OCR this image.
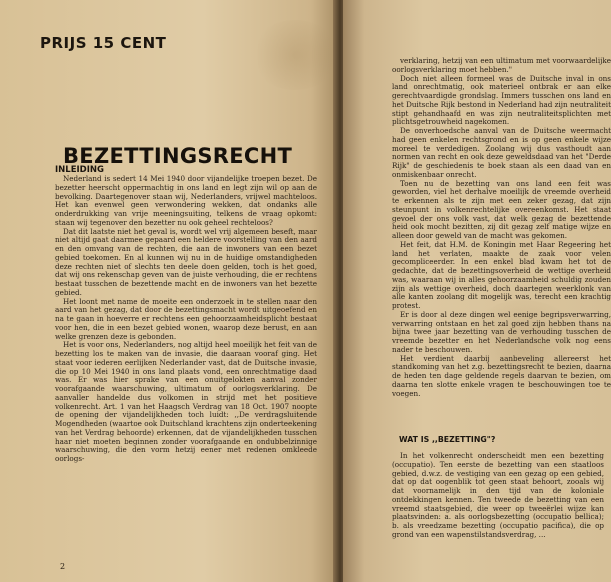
PRIJS 15 CENT
BEZETTINGSRECHT
INLEIDING

Nederland is sedert 14 Mei 1940 door vijandelijke troepen bezet. De bezetter heerscht oppermachtig in ons land en legt zijn wil op aan de bevolking. Daartegenover staan wij, Nederlanders, vrijwel machteloos. Het kan evenwel geen verwondering wekken, dat ondanks alle onderdrukking van vrije meeningsuiting, telkens de vraag opkomt: staan wij tegenover den bezetter nu ook geheel rechteloos?

Dat dit laatste niet het geval is, wordt wel vrij algemeen beseft, maar niet altijd gaat daarmee gepaard een heldere voorstelling van den aard en den omvang van de rechten, die aan de inwoners van een bezet gebied toekomen. En al kunnen wij nu in de huidige omstandigheden deze rechten niet of slechts ten deele doen gelden, toch is het goed, dat wij ons rekenschap geven van de juiste verhouding, die er rechtens bestaat tusschen de bezettende macht en de inwoners van het bezette gebied.

Het loont met name de moeite een onderzoek in te stellen naar den aard van het gezag, dat door de bezettingsmacht wordt uitgeoefend en na te gaan in hoeverre er rechtens een gehoorzaamheidsplicht bestaat voor hen, die in een bezet gebied wonen, waarop deze berust, en aan welke grenzen deze is gebonden.

Het is voor ons, Nederlanders, nog altijd heel moeilijk het feit van de bezetting los te maken van de invasie, die daaraan vooraf ging. Het staat voor iederen eerlijken Nederlander vast, dat de Duitsche invasie, die op 10 Mei 1940 in ons land plaats vond, een onrechtmatige daad was. Er was hier sprake van een onuitgelokten aanval zonder voorafgaande waarschuwing, ultimatum of oorlogsverklaring. De aanvaller handelde dus volkomen in strijd met het positieve volkenrecht. Art. 1 van het Haagsch Verdrag van 18 Oct. 1907 noopte de opening der vijandelijkheden toch luidt: ,,De verdragsluitende Mogendheden (waartoe ook Duitschland krachtens zijn onderteekening van het Verdrag behoorde) erkennen, dat de vijandelijkheden tusschen haar niet moeten beginnen zonder voorafgaande en ondubbelzinnige waarschuwing, die den vorm hetzij eener met redenen omkleede oorlogs-

2

verklaring, hetzij van een ultimatum met voorwaardelijke oorlogsverklaring moet hebben."

Doch niet alleen formeel was de Duitsche inval in ons land onrechtmatig, ook materieel ontbrak er aan elke gerechtvaardigde grondslag. Immers tusschen ons land en het Duitsche Rijk bestond in Nederland had zijn neutraliteit stipt gehandhaafd en was zijn neutraliteitsplichten met plichtsgetrouwheid nagekomen.

De onverhoedsche aanval van de Duitsche weermacht had geen enkelen rechtsgrond en is op geen enkele wijze moreel te verdedigen. Zoolang wij dus vasthoudt aan normen van recht en ook deze geweldsdaad van het "Derde Rijk" de geschiedenis te boek staan als een daad van en onmiskenbaar onrecht.

Toen nu de bezetting van ons land een feit was geworden, viel het derhalve moeilijk de vreemde overheid te erkennen als te zijn met een zeker gezag, dat zijn steunpunt in volkenrechtelijke overeenkomst. Het staat gevoel der ons volk vast, dat welk gezag de bezettende heid ook mocht bezitten, zij dit gezag zelf matige wijze en alleen door geweld van de macht was gekomen.

Het feit, dat H.M. de Koningin met Haar Regeering het land het verlaten, maakte de zaak voor velen gecompliceerder. In een enkel blad kwam het tot de gedachte, dat de bezettingsoverheid de wettige overheid was, waaraan wij in alles gehoorzaamheid schuldig zouden zijn als wettige overheid, doch daartegen weerklonk van alle kanten zoolang dit mogelijk was, terecht een krachtig protest.

Er is door al deze dingen wel eenige begripsverwarring, verwarring ontstaan en het zal goed zijn hebben thans na bijna twee jaar bezetting van de verhouding tusschen de vreemde bezetter en het Nederlandsche volk nog eens nader te beschouwen.

Het verdient daarbij aanbeveling allereerst het standkoming van het z.g. bezettingsrecht te bezien, daarna de heden ten dage geldende regels daarvan te bezien, om daarna ten slotte enkele vragen te beschouwingen toe te voegen.

WAT IS ,,BEZETTING"?

In het volkenrecht onderscheidt men een bezetting (occupatio). Ten eerste de bezetting van een staatloos gebied, d.w.z. de vestiging van een gezag op een gebied, dat op dat oogenblik tot geen staat behoort, zooals wij dat voornamelijk in den tijd van de koloniale ontdekkingen kennen. Ten tweede de bezetting van een vreemd staatsgebied, die weer op tweeërlei wijze kan plaatsvinden: a. als oorlogsbezetting (occupatio bellica); b. als vreedzame bezetting (occupatio pacifica), die op grond van een wapenstilstandsverdrag, ...
